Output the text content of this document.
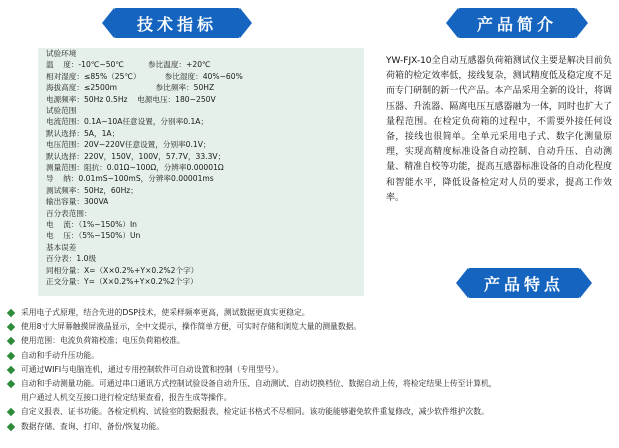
技术指标	产品简介
产品特点
试验环境
温    度：-10℃~50℃          参比温度：+20℃
相对湿度：≤85%（25℃）          参比湿度：40%~60%
海拔高度：≤2500m                参比频率：50HZ
电源频率：50Hz 0.5Hz    电源电压：180~250V
试验范围
电流范围：0.1A~10A任意设置，分别率0.1A；
默认选择：5A，1A；
电压范围：20V~220V任意设置，分别率0.1V；
默认选择：220V，150V，100V，57.7V，33.3V；
测量范围：阻抗：0.01Ω~100Ω，分辨率0.00001Ω
导    纳：0.01mS~100mS，分辨率0.00001ms
测试频率：50Hz，60Hz；
输出容量：300VA
百分表范围：
电    流：（1%~150%）In
电    压：（5%~150%）Un
基本误差
百分表：1.0级
同相分量：X=（X×0.2%+Y×0.2%2个字）
正交分量：Y=（X×0.2%+Y×0.2%2个字）
YW-FJX-10全自动互感器负荷箱测试仪主要是解决目前负荷箱的检定效率低，接线复杂，测试精度低及稳定度不足而专门研制的新一代产品。本产品采用全新的设计，将调压器、升流器、隔离电压互感器融为一体，同时也扩大了量程范围。在检定负荷箱的过程中，不需要外接任何设备，接线也很简单。全单元采用电子式、数字化测量原理，实现高精度标准设备自动控制、自动升压、自动测量、精准自校等功能，提高互感器标准设备的自动化程度和智能水平，降低设备检定对人员的要求，提高工作效率。
采用电子式原理，结合先进的DSP技术，使采样频率更高，测试数据更真实更稳定。
使用8寸大屏幕触摸屏液晶显示，全中文提示，操作简单方便，可实时存储和浏览大量的测量数据。
使用范围：电流负荷箱校准；电压负荷箱校准。
自动和手动升压功能。
可通过WIFI与电脑连机，通过专用控制软件可自动设置和控制（专用型号）。
自动和手动测量功能。可通过串口通讯方式控制试验设备自动升压、自动测试、自动切换档位、数据自动上传，将检定结果上传至计算机，
用户通过人机交互接口进行检定结果查看，报告生成等操作。
自定义报表、证书功能。各检定机构、试验室的数据报表、检定证书格式不尽相同。该功能能够避免软件重复修改，减少软件维护次数。
数据存储、查询、打印、备份/恢复功能。
